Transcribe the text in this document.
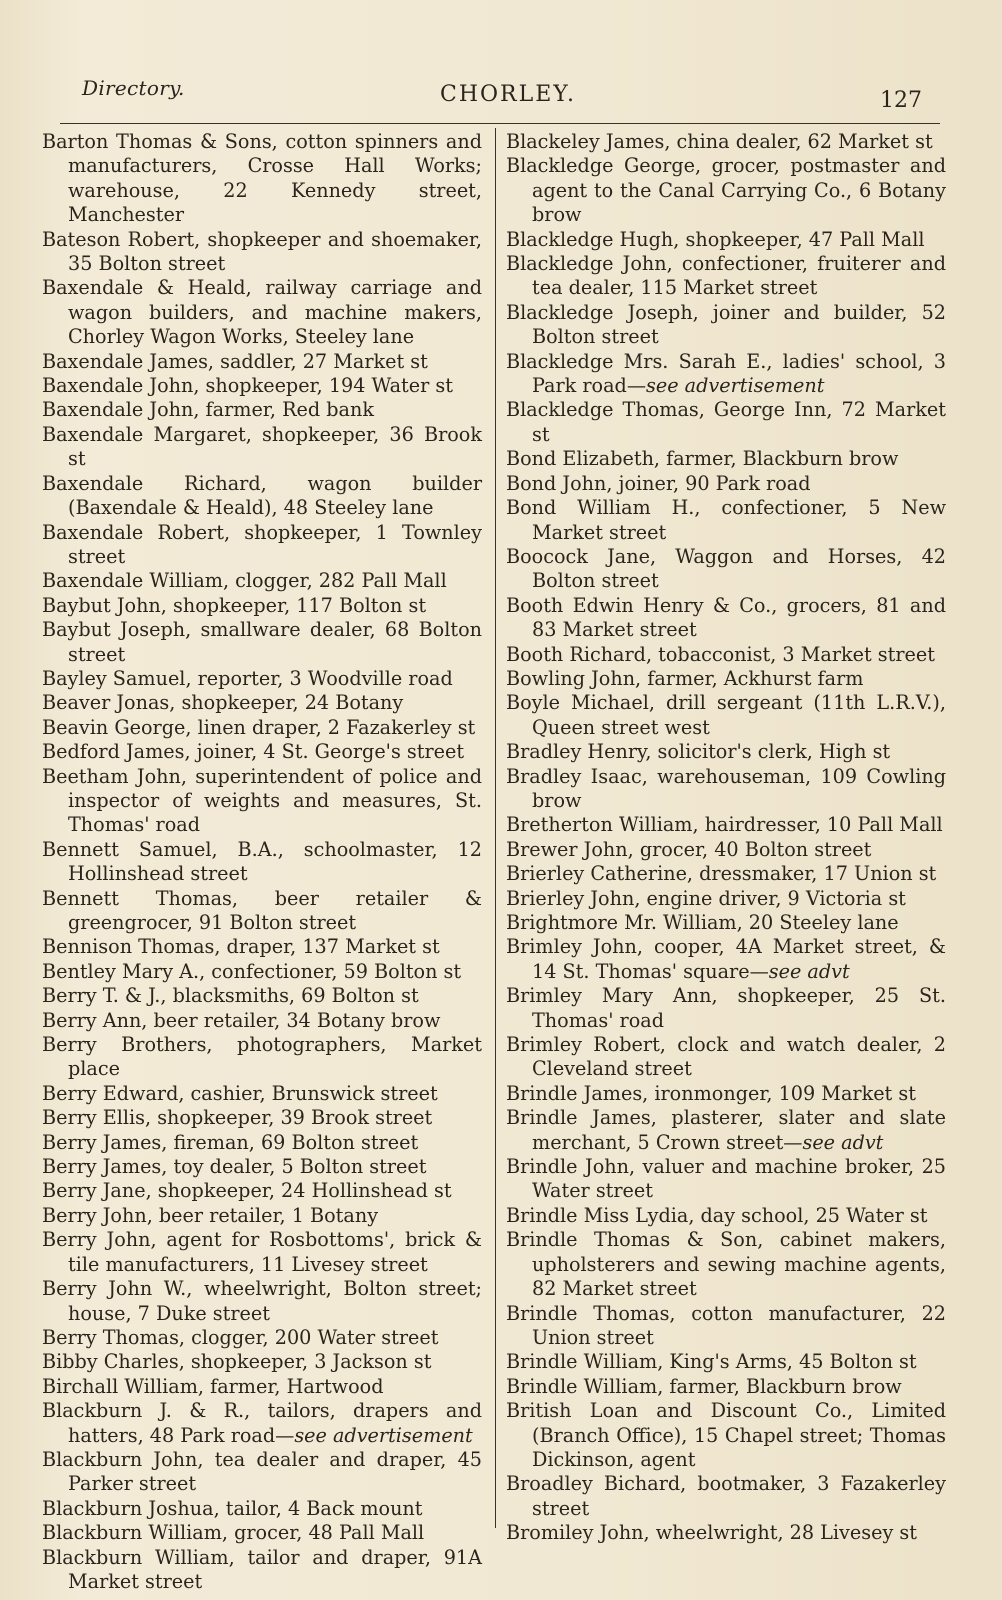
Directory.	CHORLEY.	127

Barton Thomas & Sons, cotton spinners and manufacturers, Crosse Hall Works; warehouse, 22 Kennedy street, Manchester

Bateson Robert, shopkeeper and shoemaker, 35 Bolton street

Baxendale & Heald, railway carriage and wagon builders, and machine makers, Chorley Wagon Works, Steeley lane

Baxendale James, saddler, 27 Market st

Baxendale John, shopkeeper, 194 Water st

Baxendale John, farmer, Red bank

Baxendale Margaret, shopkeeper, 36 Brook st

Baxendale Richard, wagon builder (Baxendale & Heald), 48 Steeley lane

Baxendale Robert, shopkeeper, 1 Townley street

Baxendale William, clogger, 282 Pall Mall

Baybut John, shopkeeper, 117 Bolton st

Baybut Joseph, smallware dealer, 68 Bolton street

Bayley Samuel, reporter, 3 Woodville road

Beaver Jonas, shopkeeper, 24 Botany

Beavin George, linen draper, 2 Fazakerley st

Bedford James, joiner, 4 St. George's street

Beetham John, superintendent of police and inspector of weights and measures, St. Thomas' road

Bennett Samuel, B.A., schoolmaster, 12 Hollinshead street

Bennett Thomas, beer retailer & greengrocer, 91 Bolton street

Bennison Thomas, draper, 137 Market st

Bentley Mary A., confectioner, 59 Bolton st

Berry T. & J., blacksmiths, 69 Bolton st

Berry Ann, beer retailer, 34 Botany brow

Berry Brothers, photographers, Market place

Berry Edward, cashier, Brunswick street

Berry Ellis, shopkeeper, 39 Brook street

Berry James, fireman, 69 Bolton street

Berry James, toy dealer, 5 Bolton street

Berry Jane, shopkeeper, 24 Hollinshead st

Berry John, beer retailer, 1 Botany

Berry John, agent for Rosbottoms', brick & tile manufacturers, 11 Livesey street

Berry John W., wheelwright, Bolton street; house, 7 Duke street

Berry Thomas, clogger, 200 Water street

Bibby Charles, shopkeeper, 3 Jackson st

Birchall William, farmer, Hartwood

Blackburn J. & R., tailors, drapers and hatters, 48 Park road—see advertisement

Blackburn John, tea dealer and draper, 45 Parker street

Blackburn Joshua, tailor, 4 Back mount

Blackburn William, grocer, 48 Pall Mall

Blackburn William, tailor and draper, 91A Market street

Blackeley James, china dealer, 62 Market st

Blackledge George, grocer, postmaster and agent to the Canal Carrying Co., 6 Botany brow

Blackledge Hugh, shopkeeper, 47 Pall Mall

Blackledge John, confectioner, fruiterer and tea dealer, 115 Market street

Blackledge Joseph, joiner and builder, 52 Bolton street

Blackledge Mrs. Sarah E., ladies' school, 3 Park road—see advertisement

Blackledge Thomas, George Inn, 72 Market st

Bond Elizabeth, farmer, Blackburn brow

Bond John, joiner, 90 Park road

Bond William H., confectioner, 5 New Market street

Boocock Jane, Waggon and Horses, 42 Bolton street

Booth Edwin Henry & Co., grocers, 81 and 83 Market street

Booth Richard, tobacconist, 3 Market street

Bowling John, farmer, Ackhurst farm

Boyle Michael, drill sergeant (11th L.R.V.), Queen street west

Bradley Henry, solicitor's clerk, High st

Bradley Isaac, warehouseman, 109 Cowling brow

Bretherton William, hairdresser, 10 Pall Mall

Brewer John, grocer, 40 Bolton street

Brierley Catherine, dressmaker, 17 Union st

Brierley John, engine driver, 9 Victoria st

Brightmore Mr. William, 20 Steeley lane

Brimley John, cooper, 4A Market street, & 14 St. Thomas' square—see advt

Brimley Mary Ann, shopkeeper, 25 St. Thomas' road

Brimley Robert, clock and watch dealer, 2 Cleveland street

Brindle James, ironmonger, 109 Market st

Brindle James, plasterer, slater and slate merchant, 5 Crown street—see advt

Brindle John, valuer and machine broker, 25 Water street

Brindle Miss Lydia, day school, 25 Water st

Brindle Thomas & Son, cabinet makers, upholsterers and sewing machine agents, 82 Market street

Brindle Thomas, cotton manufacturer, 22 Union street

Brindle William, King's Arms, 45 Bolton st

Brindle William, farmer, Blackburn brow

British Loan and Discount Co., Limited (Branch Office), 15 Chapel street; Thomas Dickinson, agent

Broadley Bichard, bootmaker, 3 Fazakerley street

Bromiley John, wheelwright, 28 Livesey st
